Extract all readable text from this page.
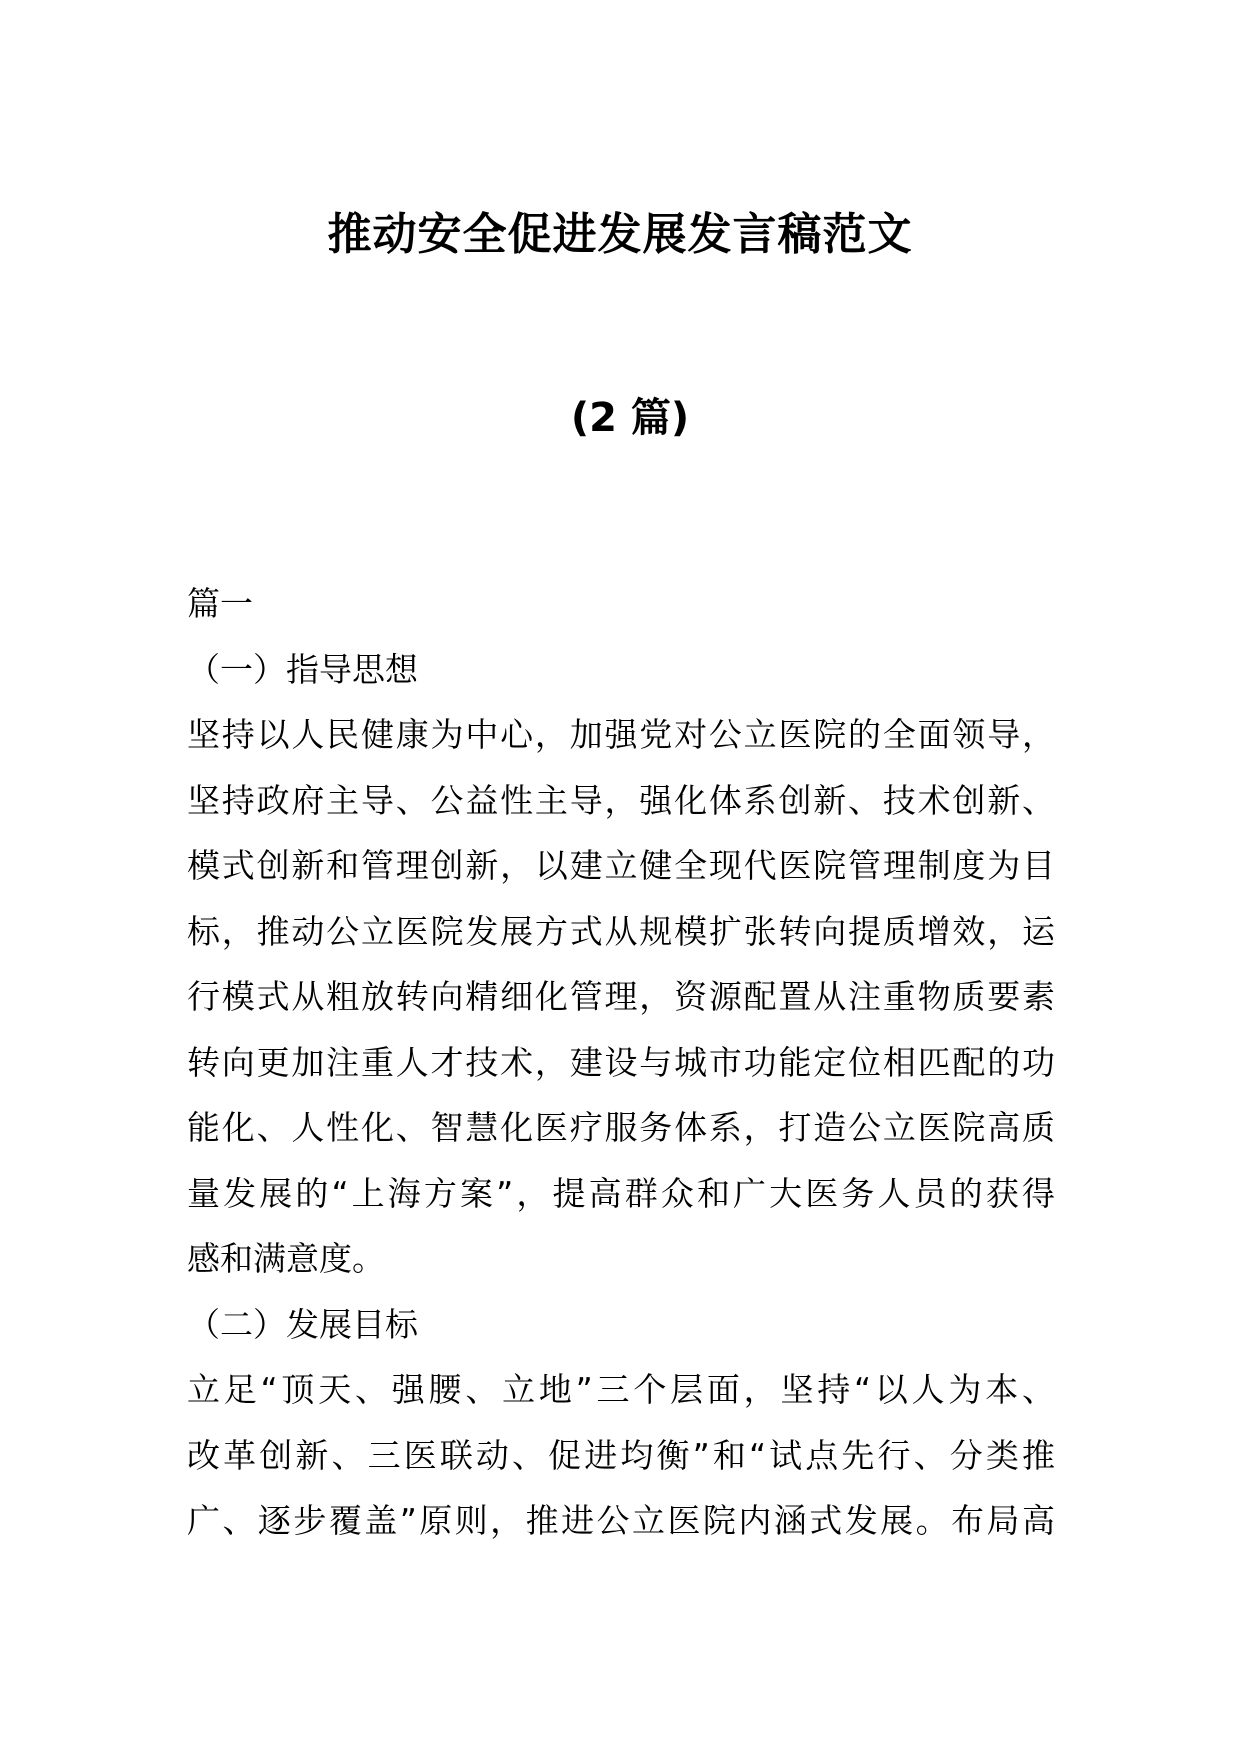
推动安全促进发展发言稿范文
(2 篇)
篇一
（一）指导思想
坚持以人民健康为中心，加强党对公立医院的全面领导，
坚持政府主导、公益性主导，强化体系创新、技术创新、
模式创新和管理创新，以建立健全现代医院管理制度为目
标，推动公立医院发展方式从规模扩张转向提质增效，运
行模式从粗放转向精细化管理，资源配置从注重物质要素
转向更加注重人才技术，建设与城市功能定位相匹配的功
能化、人性化、智慧化医疗服务体系，打造公立医院高质
量发展的“上海方案”，提高群众和广大医务人员的获得
感和满意度。
（二）发展目标
立足“顶天、强腰、立地”三个层面，坚持“以人为本、
改革创新、三医联动、促进均衡”和“试点先行、分类推
广、逐步覆盖”原则，推进公立医院内涵式发展。布局高
